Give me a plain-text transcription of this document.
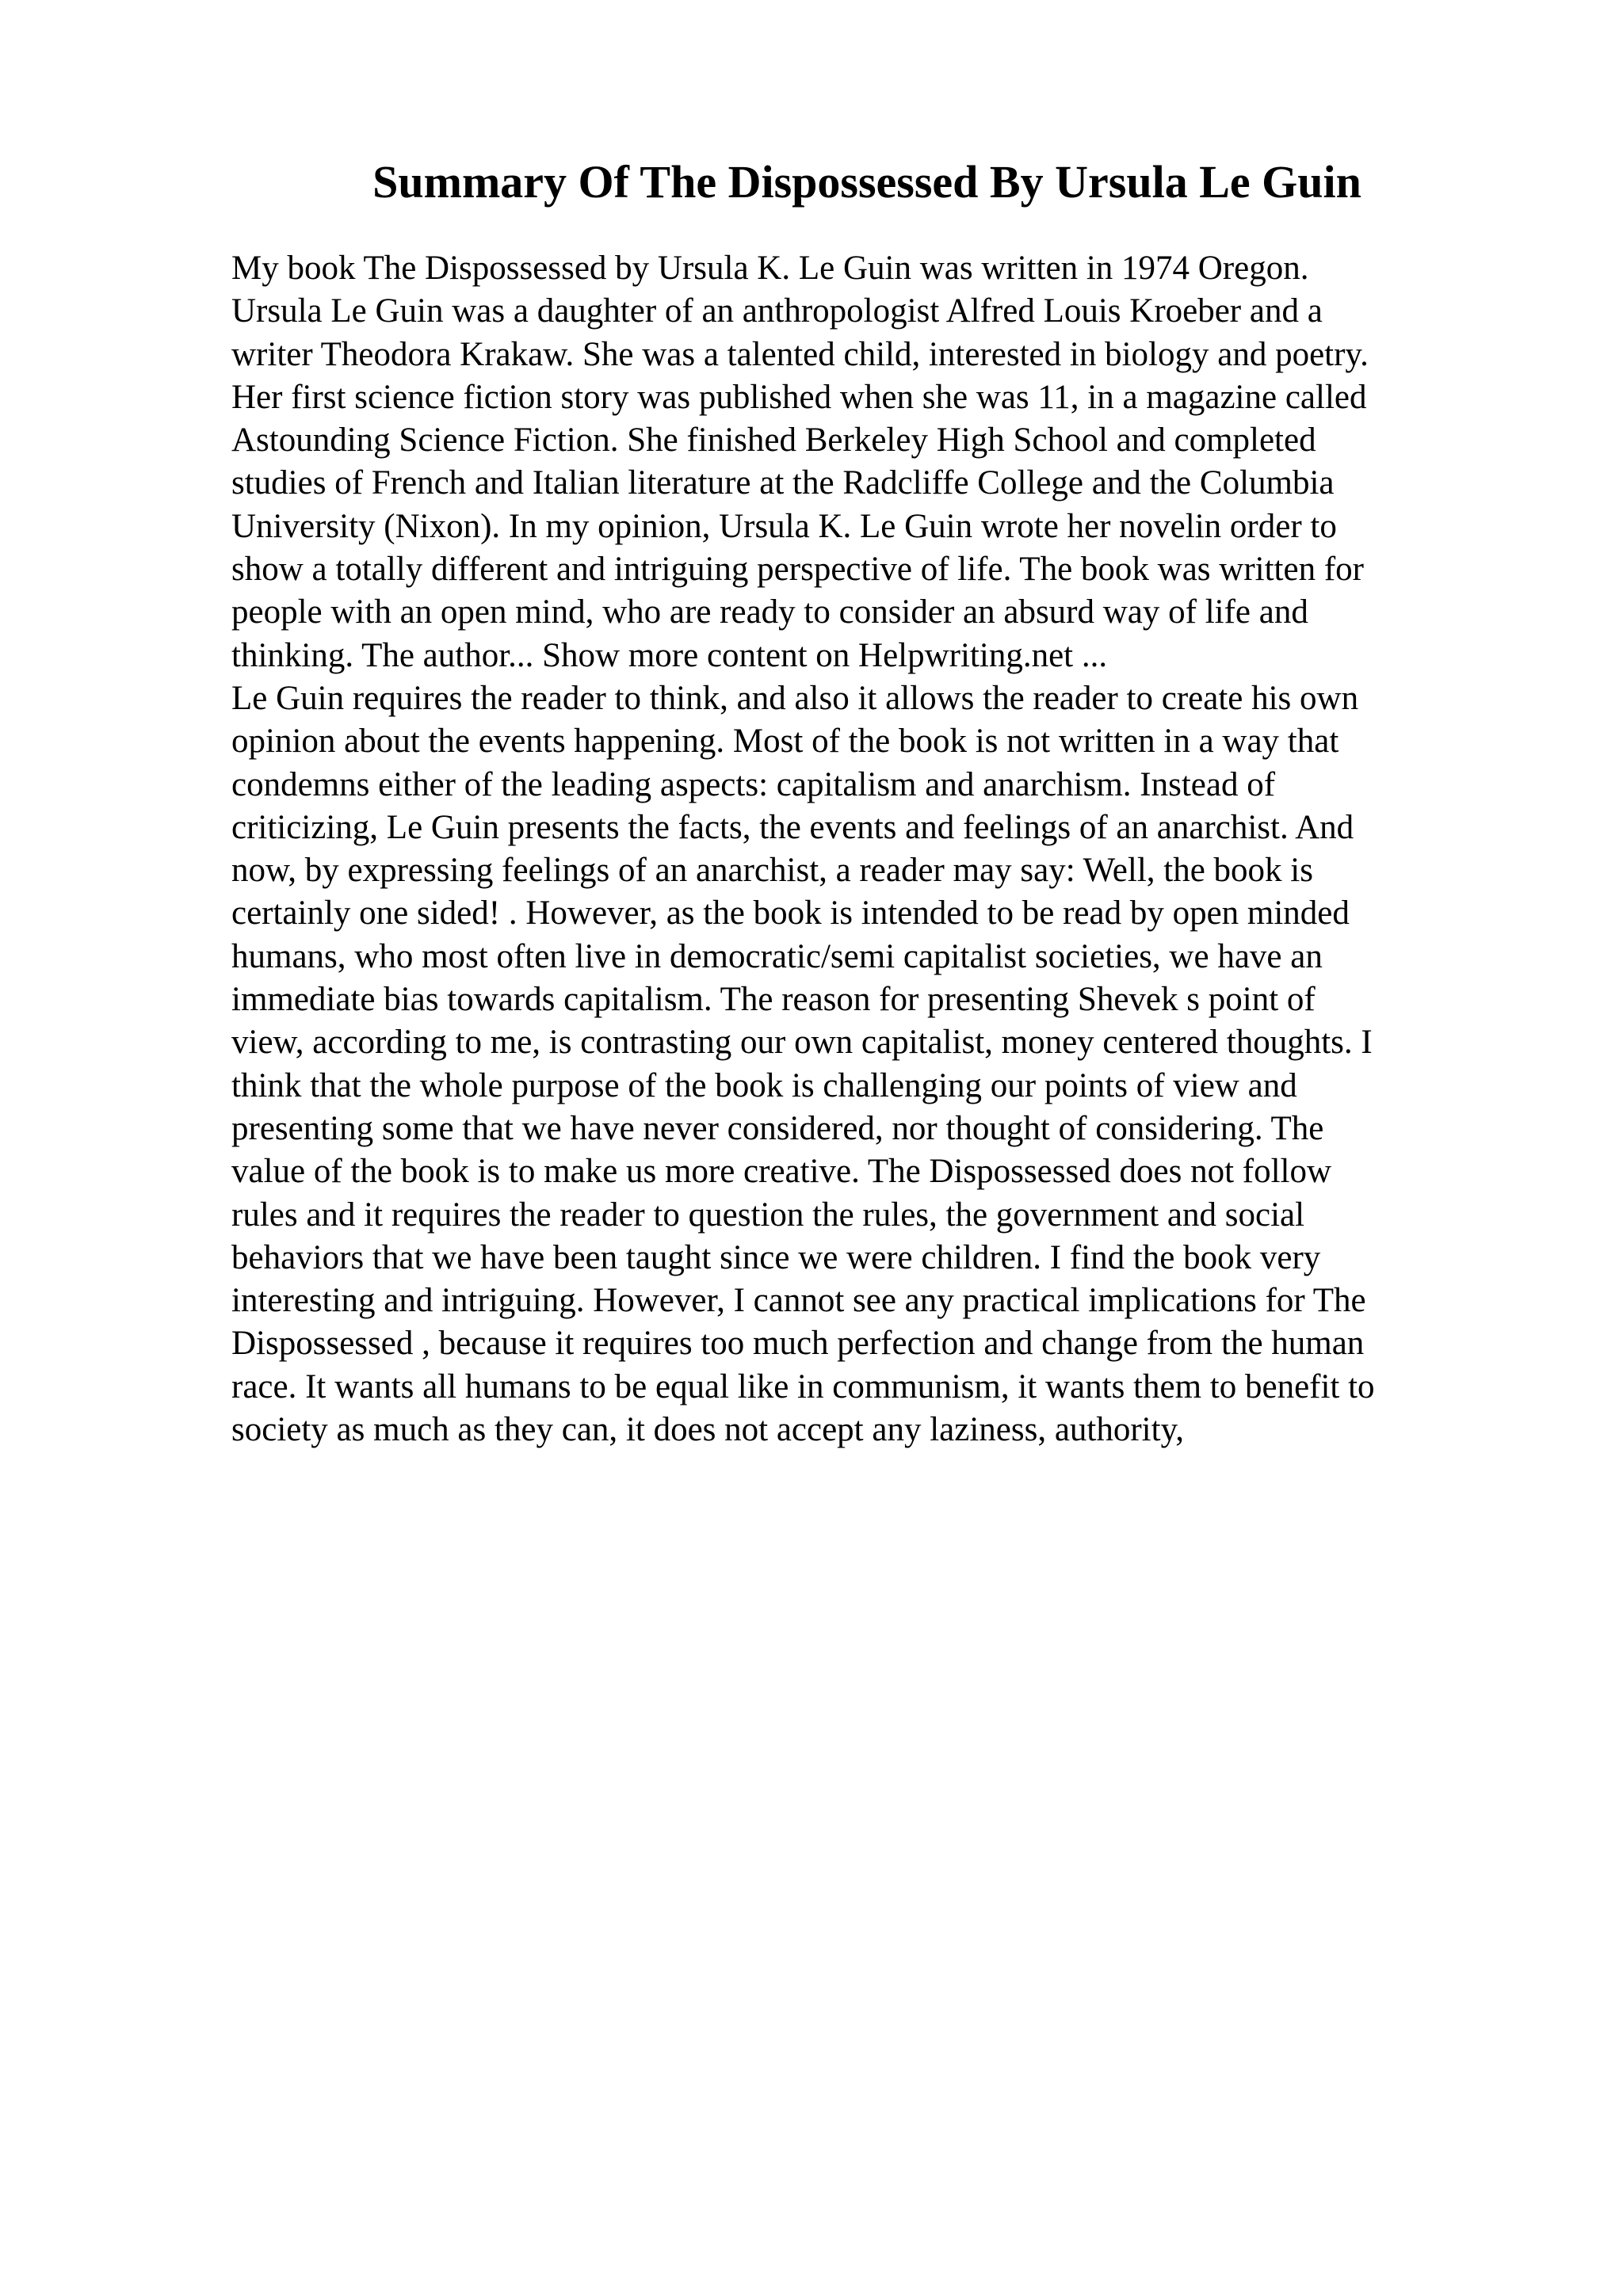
Summary Of The Dispossessed By Ursula Le Guin
My book The Dispossessed by Ursula K. Le Guin was written in 1974 Oregon.
Ursula Le Guin was a daughter of an anthropologist Alfred Louis Kroeber and a
writer Theodora Krakaw. She was a talented child, interested in biology and poetry.
Her first science fiction story was published when she was 11, in a magazine called
Astounding Science Fiction. She finished Berkeley High School and completed
studies of French and Italian literature at the Radcliffe College and the Columbia
University (Nixon). In my opinion, Ursula K. Le Guin wrote her novelin order to
show a totally different and intriguing perspective of life. The book was written for
people with an open mind, who are ready to consider an absurd way of life and
thinking. The author... Show more content on Helpwriting.net ...
Le Guin requires the reader to think, and also it allows the reader to create his own
opinion about the events happening. Most of the book is not written in a way that
condemns either of the leading aspects: capitalism and anarchism. Instead of
criticizing, Le Guin presents the facts, the events and feelings of an anarchist. And
now, by expressing feelings of an anarchist, a reader may say: Well, the book is
certainly one sided! . However, as the book is intended to be read by open minded
humans, who most often live in democratic/semi capitalist societies, we have an
immediate bias towards capitalism. The reason for presenting Shevek s point of
view, according to me, is contrasting our own capitalist, money centered thoughts. I
think that the whole purpose of the book is challenging our points of view and
presenting some that we have never considered, nor thought of considering. The
value of the book is to make us more creative. The Dispossessed does not follow
rules and it requires the reader to question the rules, the government and social
behaviors that we have been taught since we were children. I find the book very
interesting and intriguing. However, I cannot see any practical implications for The
Dispossessed , because it requires too much perfection and change from the human
race. It wants all humans to be equal like in communism, it wants them to benefit to
society as much as they can, it does not accept any laziness, authority,
